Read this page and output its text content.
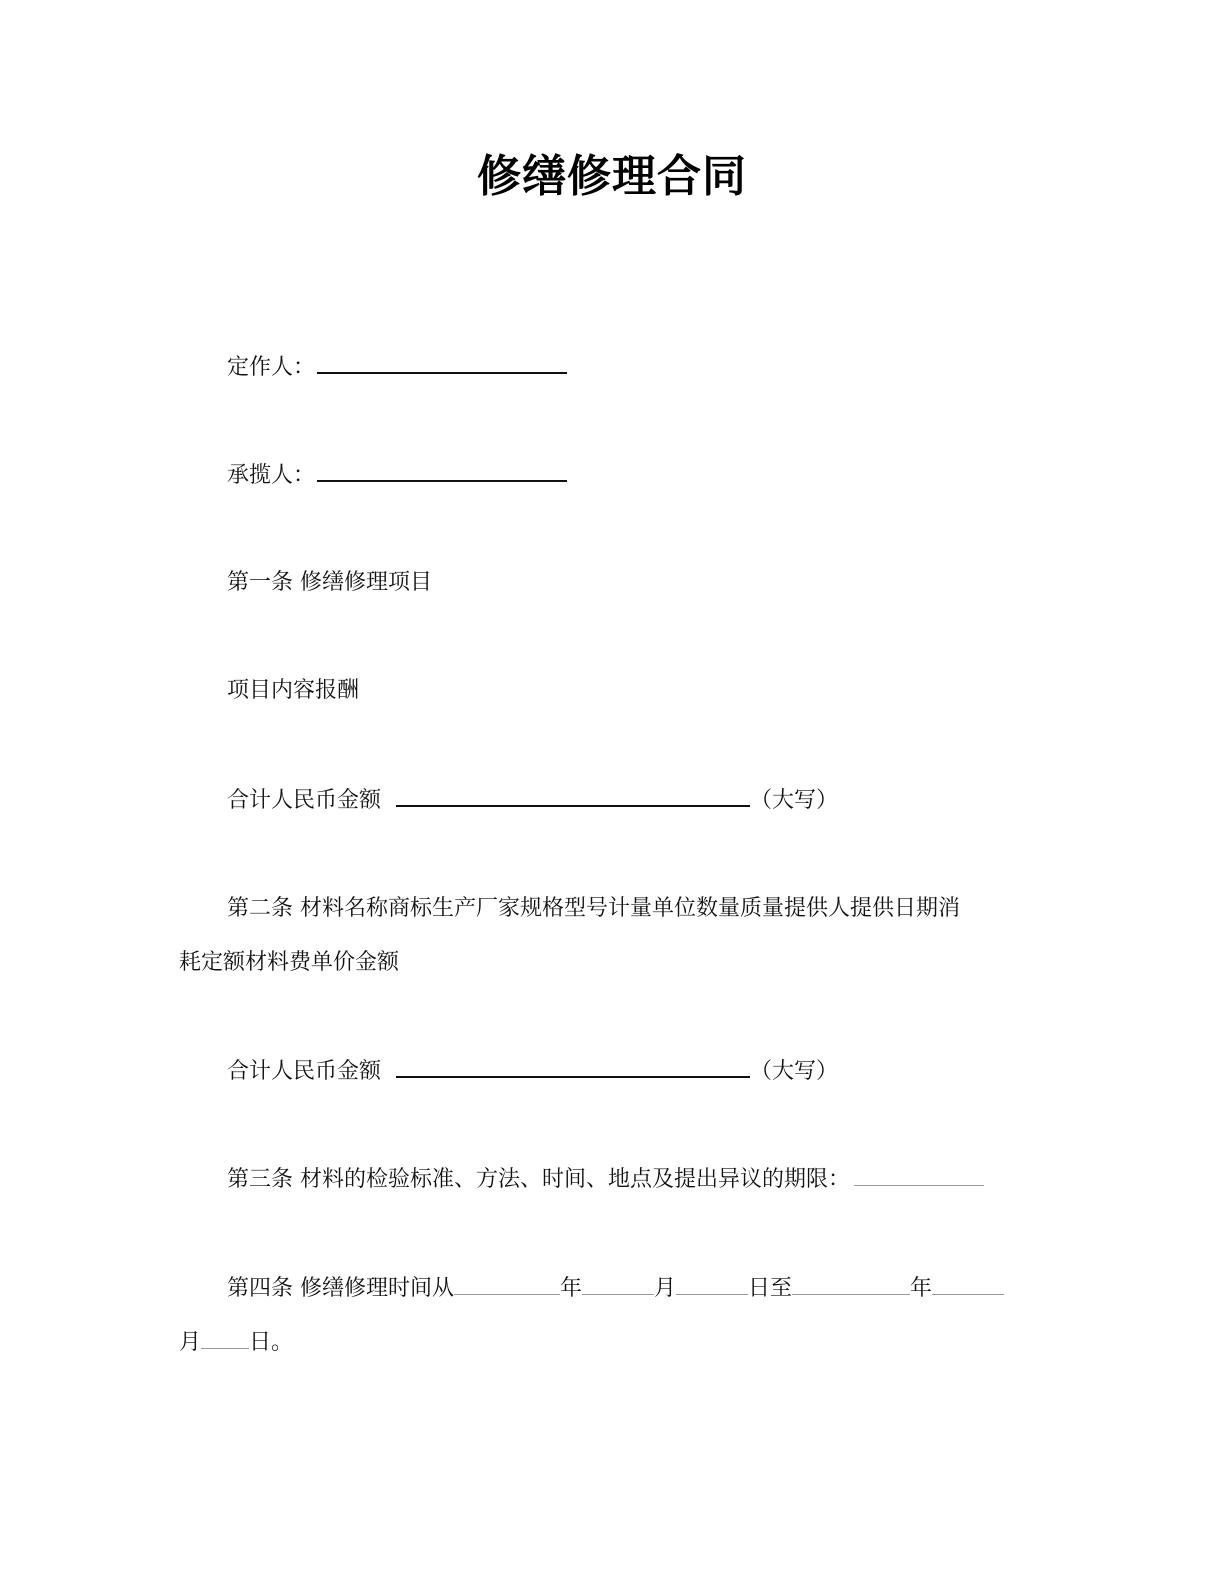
修缮修理合同
定作人：
承揽人：
第一条 修缮修理项目
项目内容报酬
合计人民币金额	（大写）
第二条 材料名称商标生产厂家规格型号计量单位数量质量提供人提供日期消
耗定额材料费单价金额
合计人民币金额	（大写）
第三条 材料的检验标准、方法、时间、地点及提出异议的期限：
第四条 修缮修理时间从	年	月	日至	年
月 日。
